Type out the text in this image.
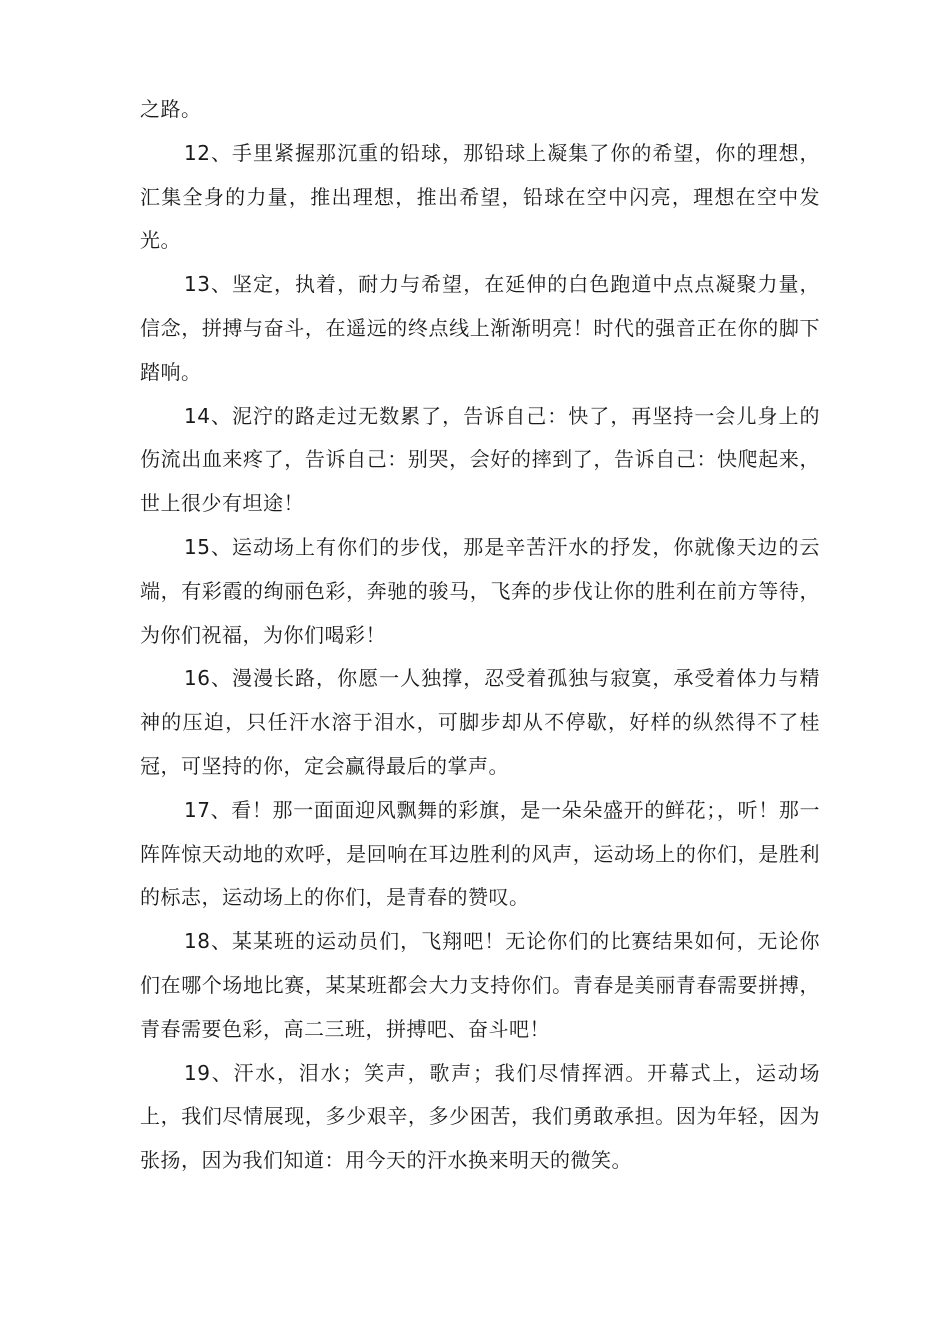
之路。

12、手里紧握那沉重的铅球，那铅球上凝集了你的希望，你的理想，汇集全身的力量，推出理想，推出希望，铅球在空中闪亮，理想在空中发光。

13、坚定，执着，耐力与希望，在延伸的白色跑道中点点凝聚力量，信念，拼搏与奋斗，在遥远的终点线上渐渐明亮！时代的强音正在你的脚下踏响。

14、泥泞的路走过无数累了，告诉自己：快了，再坚持一会儿身上的伤流出血来疼了，告诉自己：别哭，会好的摔到了，告诉自己：快爬起来，世上很少有坦途！

15、运动场上有你们的步伐，那是辛苦汗水的抒发，你就像天边的云端，有彩霞的绚丽色彩，奔驰的骏马，飞奔的步伐让你的胜利在前方等待，为你们祝福，为你们喝彩！

16、漫漫长路，你愿一人独撑，忍受着孤独与寂寞，承受着体力与精神的压迫，只任汗水溶于泪水，可脚步却从不停歇，好样的纵然得不了桂冠，可坚持的你，定会赢得最后的掌声。

17、看！那一面面迎风飘舞的彩旗，是一朵朵盛开的鲜花；，听！那一阵阵惊天动地的欢呼，是回响在耳边胜利的风声，运动场上的你们，是胜利的标志，运动场上的你们，是青春的赞叹。

18、某某班的运动员们，飞翔吧！无论你们的比赛结果如何，无论你们在哪个场地比赛，某某班都会大力支持你们。青春是美丽青春需要拼搏，青春需要色彩，高二三班，拼搏吧、奋斗吧！

19、汗水，泪水；笑声，歌声；我们尽情挥洒。开幕式上，运动场上，我们尽情展现，多少艰辛，多少困苦，我们勇敢承担。因为年轻，因为张扬，因为我们知道：用今天的汗水换来明天的微笑。
